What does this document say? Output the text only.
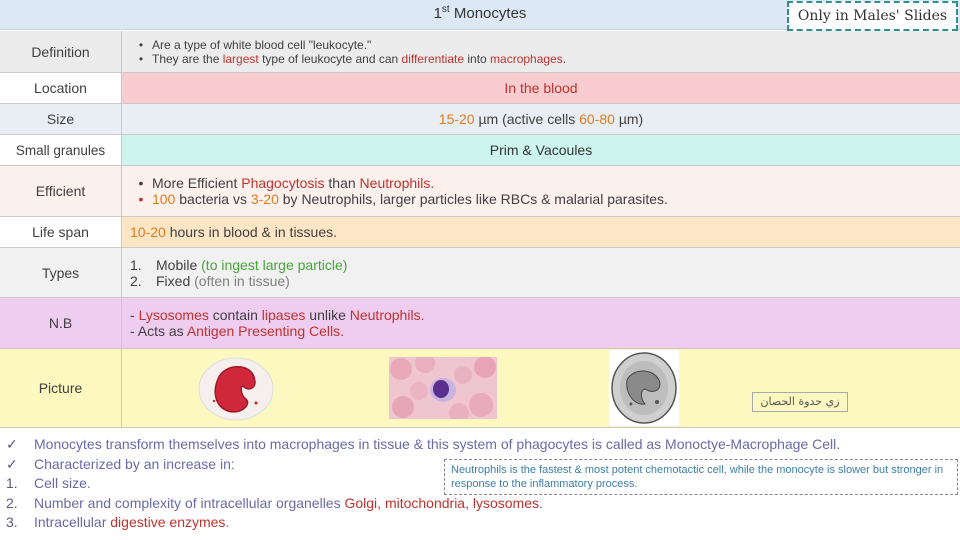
1st Monocytes	Only in Males' Slides
Definition	• Are a type of white blood cell "leukocyte."
• They are the largest type of leukocyte and can differentiate into macrophages.
Location	In the blood
Size	15-20 µm (active cells 60-80 µm)
Small granules	Prim & Vacoules
Efficient	• More Efficient Phagocytosis than Neutrophils.
• 100 bacteria vs 3-20 by Neutrophils, larger particles like RBCs & malarial parasites.
Life span	10-20 hours in blood & in tissues.
Types	1.	Mobile (to ingest large particle)
2.	Fixed (often in tissue)
N.B	- Lysosomes contain lipases unlike Neutrophils.
- Acts as Antigen Presenting Cells.
Picture
زي حدوة الحصان
✓	Monocytes transform themselves into macrophages in tissue & this system of phagocytes is called as Monoctye-Macrophage Cell.
✓	Characterized by an increase in:
1.	Cell size.
2.	Number and complexity of intracellular organelles Golgi, mitochondria, lysosomes.
3.	Intracellular digestive enzymes.
Neutrophils is the fastest & most potent chemotactic cell, while the monocyte is slower but stronger in response to the inflammatory process.
